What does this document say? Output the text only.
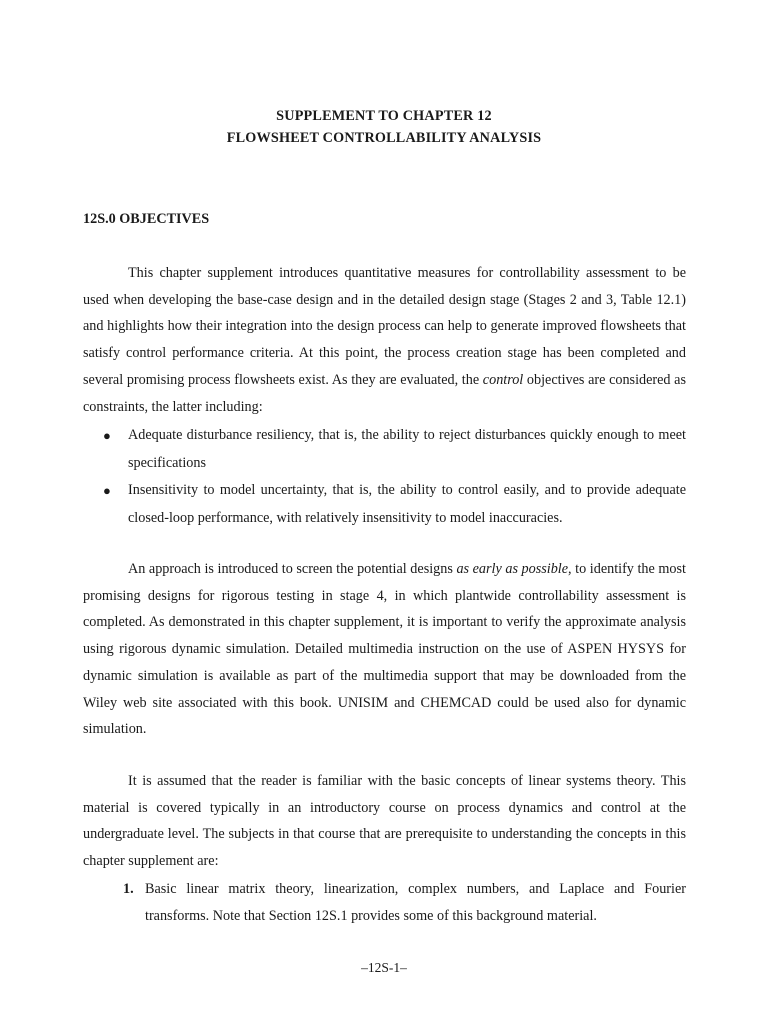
SUPPLEMENT TO CHAPTER 12
FLOWSHEET CONTROLLABILITY ANALYSIS
12S.0 OBJECTIVES

This chapter supplement introduces quantitative measures for controllability assessment to be used when developing the base-case design and in the detailed design stage (Stages 2 and 3, Table 12.1) and highlights how their integration into the design process can help to generate improved flowsheets that satisfy control performance criteria. At this point, the process creation stage has been completed and several promising process flowsheets exist. As they are evaluated, the control objectives are considered as constraints, the latter including:

● Adequate disturbance resiliency, that is, the ability to reject disturbances quickly enough to meet specifications
● Insensitivity to model uncertainty, that is, the ability to control easily, and to provide adequate closed-loop performance, with relatively insensitivity to model inaccuracies.

An approach is introduced to screen the potential designs as early as possible, to identify the most promising designs for rigorous testing in stage 4, in which plantwide controllability assessment is completed. As demonstrated in this chapter supplement, it is important to verify the approximate analysis using rigorous dynamic simulation. Detailed multimedia instruction on the use of ASPEN HYSYS for dynamic simulation is available as part of the multimedia support that may be downloaded from the Wiley web site associated with this book. UNISIM and CHEMCAD could be used also for dynamic simulation.

It is assumed that the reader is familiar with the basic concepts of linear systems theory. This material is covered typically in an introductory course on process dynamics and control at the undergraduate level. The subjects in that course that are prerequisite to understanding the concepts in this chapter supplement are:

1. Basic linear matrix theory, linearization, complex numbers, and Laplace and Fourier transforms. Note that Section 12S.1 provides some of this background material.
–12S-1–
